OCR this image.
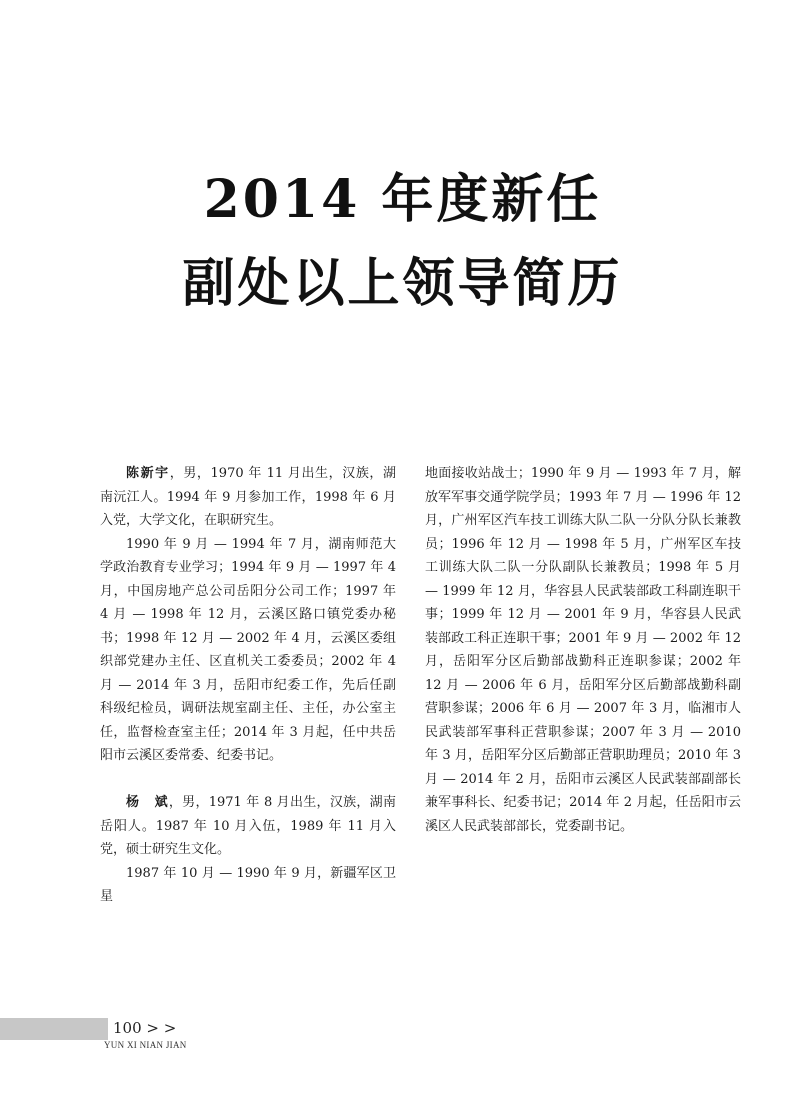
2014 年度新任
副处以上领导简历

陈新宇，男，1970 年 11 月出生，汉族，湖南沅江人。1994 年 9 月参加工作，1998 年 6 月入党，大学文化，在职研究生。

1990 年 9 月 — 1994 年 7 月，湖南师范大学政治教育专业学习；1994 年 9 月 — 1997 年 4 月，中国房地产总公司岳阳分公司工作；1997 年 4 月 — 1998 年 12 月，云溪区路口镇党委办秘书；1998 年 12 月 — 2002 年 4 月，云溪区委组织部党建办主任、区直机关工委委员；2002 年 4 月 — 2014 年 3 月，岳阳市纪委工作，先后任副科级纪检员，调研法规室副主任、主任，办公室主任，监督检查室主任；2014 年 3 月起，任中共岳阳市云溪区委常委、纪委书记。

杨　斌，男，1971 年 8 月出生，汉族，湖南岳阳人。1987 年 10 月入伍，1989 年 11 月入党，硕士研究生文化。

1987 年 10 月 — 1990 年 9 月，新疆军区卫星

地面接收站战士；1990 年 9 月 — 1993 年 7 月，解放军军事交通学院学员；1993 年 7 月 — 1996 年 12 月，广州军区汽车技工训练大队二队一分队分队长兼教员；1996 年 12 月 — 1998 年 5 月，广州军区车技工训练大队二队一分队副队长兼教员；1998 年 5 月 — 1999 年 12 月，华容县人民武装部政工科副连职干事；1999 年 12 月 — 2001 年 9 月，华容县人民武装部政工科正连职干事；2001 年 9 月 — 2002 年 12 月，岳阳军分区后勤部战勤科正连职参谋；2002 年 12 月 — 2006 年 6 月，岳阳军分区后勤部战勤科副营职参谋；2006 年 6 月 — 2007 年 3 月，临湘市人民武装部军事科正营职参谋；2007 年 3 月 — 2010 年 3 月，岳阳军分区后勤部正营职助理员；2010 年 3 月 — 2014 年 2 月，岳阳市云溪区人民武装部副部长兼军事科长、纪委书记；2014 年 2 月起，任岳阳市云溪区人民武装部部长，党委副书记。

100 > >
YUN XI NIAN JIAN
